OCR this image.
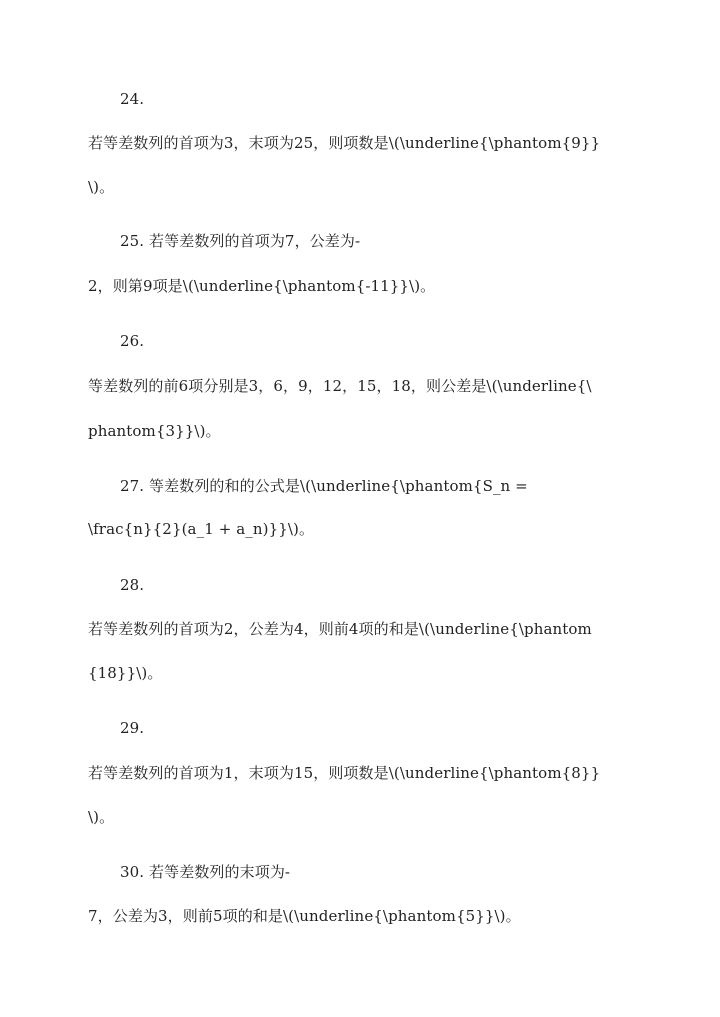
24.
若等差数列的首项为3，末项为25，则项数是\(\underline{\phantom{9}}
\)。
25. 若等差数列的首项为7，公差为-
2，则第9项是\(\underline{\phantom{-11}}\)。
26.
等差数列的前6项分别是3，6，9，12，15，18，则公差是\(\underline{\
phantom{3}}\)。
27. 等差数列的和的公式是\(\underline{\phantom{S_n =
\frac{n}{2}(a_1 + a_n)}}\)。
28.
若等差数列的首项为2，公差为4，则前4项的和是\(\underline{\phantom
{18}}\)。
29.
若等差数列的首项为1，末项为15，则项数是\(\underline{\phantom{8}}
\)。
30. 若等差数列的末项为-
7，公差为3，则前5项的和是\(\underline{\phantom{5}}\)。
